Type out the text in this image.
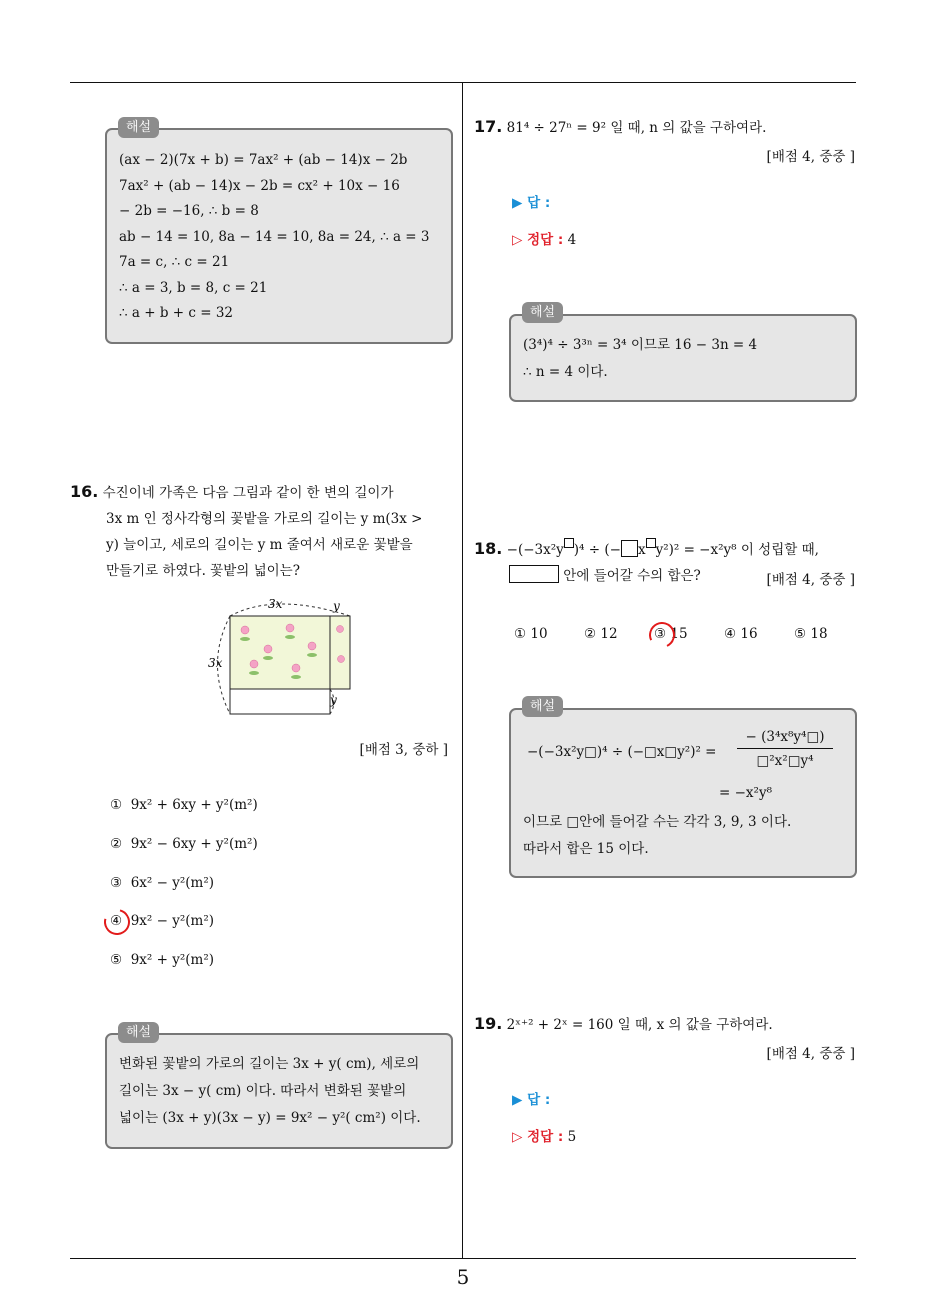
(ax − 2)(7x + b) = 7ax² + (ab − 14)x − 2b
7ax² + (ab − 14)x − 2b = cx² + 10x − 16
− 2b = −16, ∴ b = 8
ab − 14 = 10, 8a − 14 = 10, 8a = 24, ∴ a = 3
7a = c, ∴ c = 21
∴ a = 3, b = 8, c = 21
∴ a + b + c = 32
해설
16. 수진이네 가족은 다음 그림과 같이 한 변의 길이가
3x m 인 정사각형의 꽃밭을 가로의 길이는 y m(3x >
y) 늘이고, 세로의 길이는 y m 줄여서 새로운 꽃밭을
만들기로 하였다. 꽃밭의 넓이는?
3x	y
3x
y
[배점 3, 중하 ]
① 9x² + 6xy + y²(m²)
② 9x² − 6xy + y²(m²)
③ 6x² − y²(m²)
④ 9x² − y²(m²)
⑤ 9x² + y²(m²)
변화된 꽃밭의 가로의 길이는 3x + y( cm), 세로의
길이는 3x − y( cm) 이다. 따라서 변화된 꽃밭의
넓이는 (3x + y)(3x − y) = 9x² − y²( cm²) 이다.
해설
17. 81⁴ ÷ 27ⁿ = 9² 일 때, n 의 값을 구하여라.
[배점 4, 중중 ]
▶ 답 :
▷ 정답 : 4
(3⁴)⁴ ÷ 3³ⁿ = 3⁴ 이므로 16 − 3n = 4
∴ n = 4 이다.
해설
18. −(−3x²y )⁴ ÷ (− x y²)² = −x²y⁸ 이 성립할 때,
안에 들어갈 수의 합은?	[배점 4, 중중 ]
① 10	② 12	③ 15	④ 16	⑤ 18
−(−3x²y□)⁴ ÷ (−□x□y²)² = $\frac{\text{− (3⁴x⁸y⁴□)}}{\text{□²x²□y⁴}}$
= −x²y⁸
이므로 □안에 들어갈 수는 각각 3, 9, 3 이다.
따라서 합은 15 이다.
해설
19. 2ˣ⁺² + 2ˣ = 160 일 때, x 의 값을 구하여라.
[배점 4, 중중 ]
▶ 답 :
▷ 정답 : 5
5
